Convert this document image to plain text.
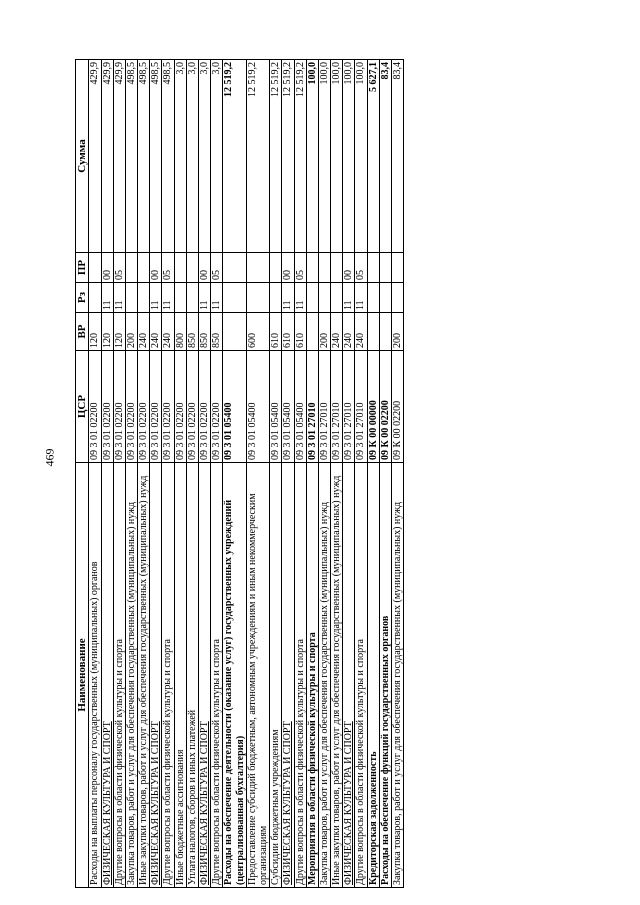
469
Наименование	ЦСР	ВР	Рз	ПР	Сумма
Расходы на выплаты персоналу государственных (муниципальных) органов	09 3 01 02200	120			429,9
ФИЗИЧЕСКАЯ КУЛЬТУРА И СПОРТ	09 3 01 02200	120	11	00	429,9
Другие вопросы в области физической культуры и спорта	09 3 01 02200	120	11	05	429,9
Закупка товаров, работ и услуг для обеспечения государственных (муниципальных) нужд	09 3 01 02200	200			498,5
Иные закупки товаров, работ и услуг для обеспечения государственных (муниципальных) нужд	09 3 01 02200	240			498,5
ФИЗИЧЕСКАЯ КУЛЬТУРА И СПОРТ	09 3 01 02200	240	11	00	498,5
Другие вопросы в области физической культуры и спорта	09 3 01 02200	240	11	05	498,5
Иные бюджетные ассигнования	09 3 01 02200	800			3,0
Уплата налогов, сборов и иных платежей	09 3 01 02200	850			3,0
ФИЗИЧЕСКАЯ КУЛЬТУРА И СПОРТ	09 3 01 02200	850	11	00	3,0
Другие вопросы в области физической культуры и спорта	09 3 01 02200	850	11	05	3,0
Расходы на обеспечение деятельности (оказание услуг) государственных учреждений (централизованная бухгалтерия)	09 3 01 05400				12 519,2
Предоставление субсидий бюджетным, автономным учреждениям и иным некоммерческим организациям	09 3 01 05400	600			12 519,2
Субсидии бюджетным учреждениям	09 3 01 05400	610			12 519,2
ФИЗИЧЕСКАЯ КУЛЬТУРА И СПОРТ	09 3 01 05400	610	11	00	12 519,2
Другие вопросы в области физической культуры и спорта	09 3 01 05400	610	11	05	12 519,2
Мероприятия в области физической культуры и спорта	09 3 01 27010				100,0
Закупка товаров, работ и услуг для обеспечения государственных (муниципальных) нужд	09 3 01 27010	200			100,0
Иные закупки товаров, работ и услуг для обеспечения государственных (муниципальных) нужд	09 3 01 27010	240			100,0
ФИЗИЧЕСКАЯ КУЛЬТУРА И СПОРТ	09 3 01 27010	240	11	00	100,0
Другие вопросы в области физической культуры и спорта	09 3 01 27010	240	11	05	100,0
Кредиторская задолженность	09 К 00 00000				5 627,1
Расходы на обеспечение функций государственных органов	09 К 00 02200				83,4
Закупка товаров, работ и услуг для обеспечения государственных (муниципальных) нужд	09 К 00 02200	200			83,4
